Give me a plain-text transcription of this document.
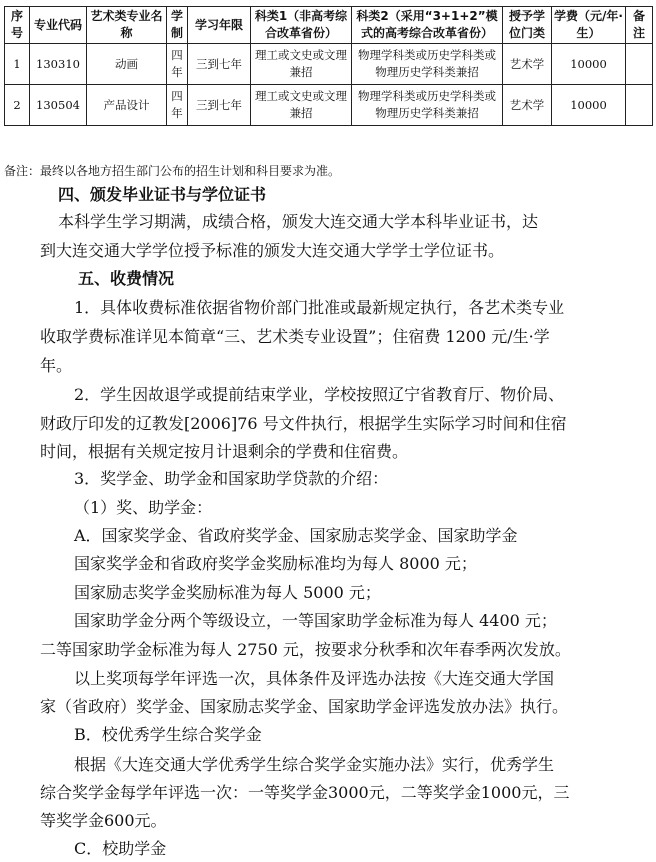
序号	专业代码	艺术类专业名称	学制	学习年限	科类1（非高考综合改革省份）	科类2（采用“3+1+2”模式的高考综合改革省份）	授予学位门类	学费（元/年·生）	备注
1	130310	动画	四年	三到七年	理工或文史或文理兼招	物理学科类或历史学科类或物理历史学科类兼招	艺术学	10000	
2	130504	产品设计	四年	三到七年	理工或文史或文理兼招	物理学科类或历史学科类或物理历史学科类兼招	艺术学	10000	
备注：最终以各地方招生部门公布的招生计划和科目要求为准。
四、颁发毕业证书与学位证书
本科学生学习期满，成绩合格，颁发大连交通大学本科毕业证书，达
到大连交通大学学位授予标准的颁发大连交通大学学士学位证书。
五、收费情况
1．具体收费标准依据省物价部门批准或最新规定执行，各艺术类专业
收取学费标准详见本简章“三、艺术类专业设置”；住宿费 1200 元/生·学
年。
2．学生因故退学或提前结束学业，学校按照辽宁省教育厅、物价局、
财政厅印发的辽教发[2006]76 号文件执行，根据学生实际学习时间和住宿
时间，根据有关规定按月计退剩余的学费和住宿费。
3．奖学金、助学金和国家助学贷款的介绍：
（1）奖、助学金：
A．国家奖学金、省政府奖学金、国家励志奖学金、国家助学金
国家奖学金和省政府奖学金奖励标准均为每人 8000 元；
国家励志奖学金奖励标准为每人 5000 元；
国家助学金分两个等级设立，一等国家助学金标准为每人 4400 元；
二等国家助学金标准为每人 2750 元，按要求分秋季和次年春季两次发放。
以上奖项每学年评选一次，具体条件及评选办法按《大连交通大学国
家（省政府）奖学金、国家励志奖学金、国家助学金评选发放办法》执行。
B．校优秀学生综合奖学金
根据《大连交通大学优秀学生综合奖学金实施办法》实行，优秀学生
综合奖学金每学年评选一次：一等奖学金3000元，二等奖学金1000元，三
等奖学金600元。
C．校助学金
